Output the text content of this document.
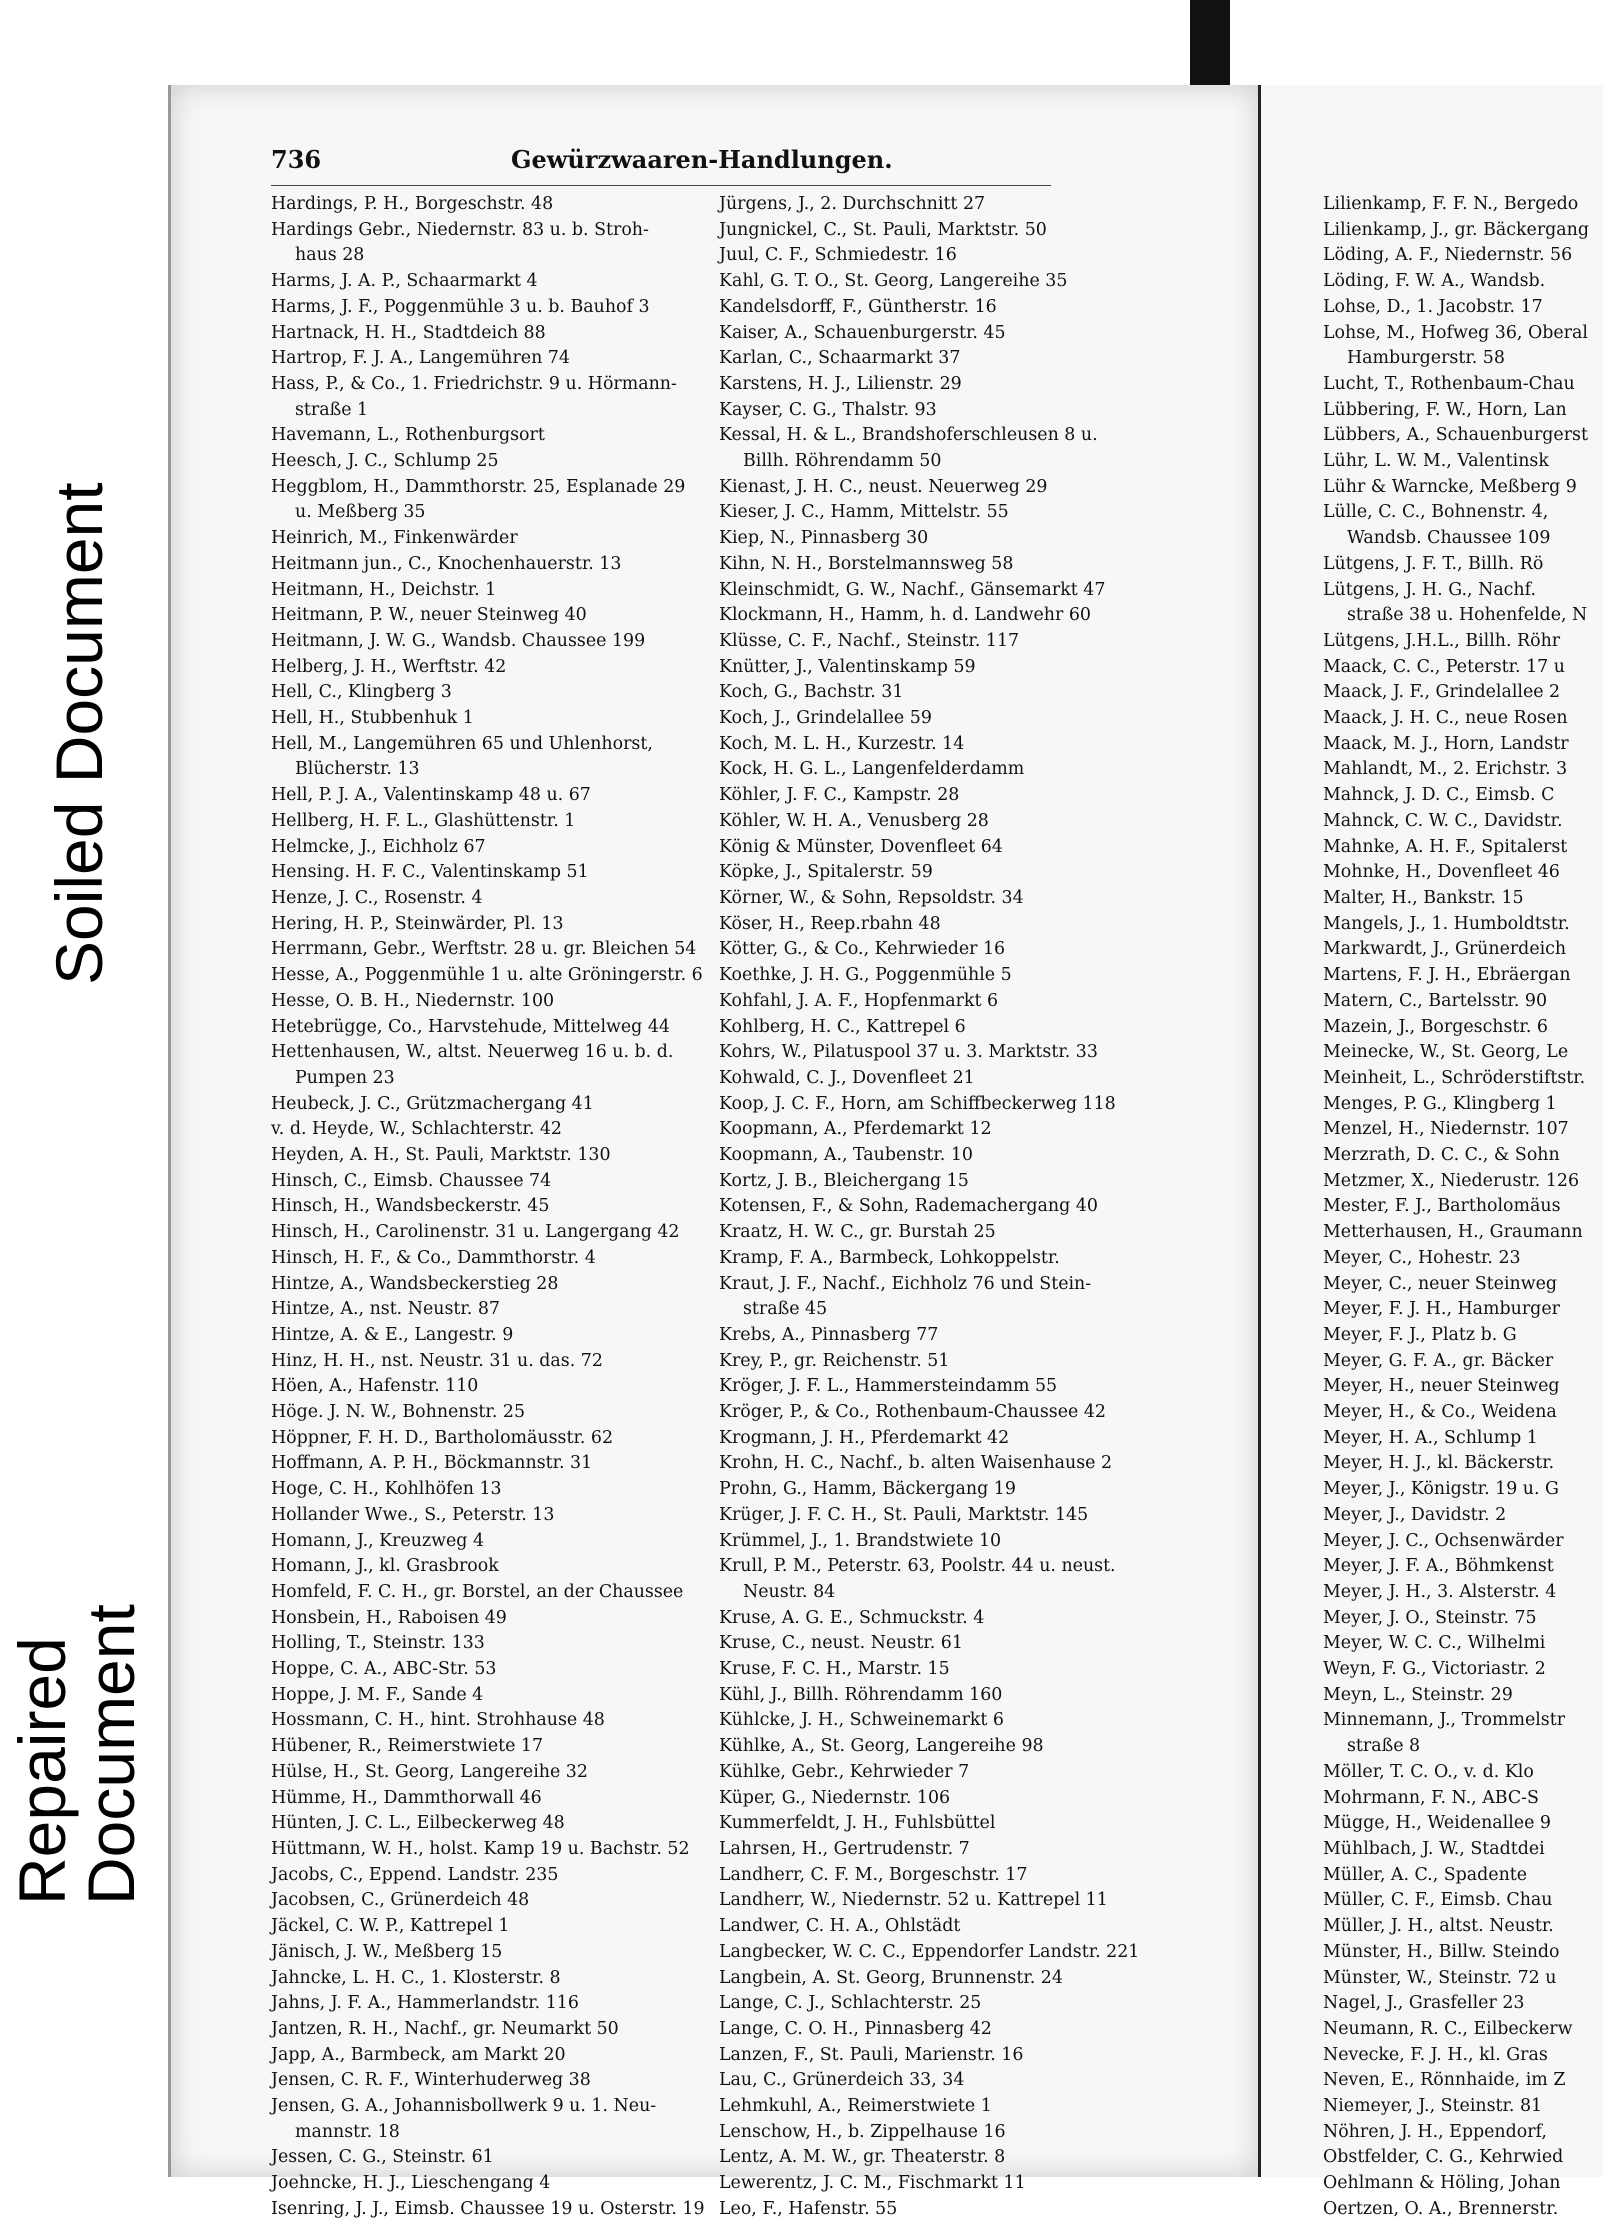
Soiled Document
Repaired
Document
736	Gewürzwaaren-Handlungen.
Hardings, P. H., Borgeschstr. 48
Hardings Gebr., Niedernstr. 83 u. b. Stroh-
haus 28
Harms, J. A. P., Schaarmarkt 4
Harms, J. F., Poggenmühle 3 u. b. Bauhof 3
Hartnack, H. H., Stadtdeich 88
Hartrop, F. J. A., Langemühren 74
Hass, P., & Co., 1. Friedrichstr. 9 u. Hörmann-
straße 1
Havemann, L., Rothenburgsort
Heesch, J. C., Schlump 25
Heggblom, H., Dammthorstr. 25, Esplanade 29
u. Meßberg 35
Heinrich, M., Finkenwärder
Heitmann jun., C., Knochenhauerstr. 13
Heitmann, H., Deichstr. 1
Heitmann, P. W., neuer Steinweg 40
Heitmann, J. W. G., Wandsb. Chaussee 199
Helberg, J. H., Werftstr. 42
Hell, C., Klingberg 3
Hell, H., Stubbenhuk 1
Hell, M., Langemühren 65 und Uhlenhorst,
Blücherstr. 13
Hell, P. J. A., Valentinskamp 48 u. 67
Hellberg, H. F. L., Glashüttenstr. 1
Helmcke, J., Eichholz 67
Hensing. H. F. C., Valentinskamp 51
Henze, J. C., Rosenstr. 4
Hering, H. P., Steinwärder, Pl. 13
Herrmann, Gebr., Werftstr. 28 u. gr. Bleichen 54
Hesse, A., Poggenmühle 1 u. alte Gröningerstr. 6
Hesse, O. B. H., Niedernstr. 100
Hetebrügge, Co., Harvstehude, Mittelweg 44
Hettenhausen, W., altst. Neuerweg 16 u. b. d.
Pumpen 23
Heubeck, J. C., Grützmachergang 41
v. d. Heyde, W., Schlachterstr. 42
Heyden, A. H., St. Pauli, Marktstr. 130
Hinsch, C., Eimsb. Chaussee 74
Hinsch, H., Wandsbeckerstr. 45
Hinsch, H., Carolinenstr. 31 u. Langergang 42
Hinsch, H. F., & Co., Dammthorstr. 4
Hintze, A., Wandsbeckerstieg 28
Hintze, A., nst. Neustr. 87
Hintze, A. & E., Langestr. 9
Hinz, H. H., nst. Neustr. 31 u. das. 72
Höen, A., Hafenstr. 110
Höge. J. N. W., Bohnenstr. 25
Höppner, F. H. D., Bartholomäusstr. 62
Hoffmann, A. P. H., Böckmannstr. 31
Hoge, C. H., Kohlhöfen 13
Hollander Wwe., S., Peterstr. 13
Homann, J., Kreuzweg 4
Homann, J., kl. Grasbrook
Homfeld, F. C. H., gr. Borstel, an der Chaussee
Honsbein, H., Raboisen 49
Holling, T., Steinstr. 133
Hoppe, C. A., ABC-Str. 53
Hoppe, J. M. F., Sande 4
Hossmann, C. H., hint. Strohhause 48
Hübener, R., Reimerstwiete 17
Hülse, H., St. Georg, Langereihe 32
Hümme, H., Dammthorwall 46
Hünten, J. C. L., Eilbeckerweg 48
Hüttmann, W. H., holst. Kamp 19 u. Bachstr. 52
Jacobs, C., Eppend. Landstr. 235
Jacobsen, C., Grünerdeich 48
Jäckel, C. W. P., Kattrepel 1
Jänisch, J. W., Meßberg 15
Jahncke, L. H. C., 1. Klosterstr. 8
Jahns, J. F. A., Hammerlandstr. 116
Jantzen, R. H., Nachf., gr. Neumarkt 50
Japp, A., Barmbeck, am Markt 20
Jensen, C. R. F., Winterhuderweg 38
Jensen, G. A., Johannisbollwerk 9 u. 1. Neu-
mannstr. 18
Jessen, C. G., Steinstr. 61
Joehncke, H. J., Lieschengang 4
Isenring, J. J., Eimsb. Chaussee 19 u. Osterstr. 19
Jürgens, J., 2. Durchschnitt 27
Jungnickel, C., St. Pauli, Marktstr. 50
Juul, C. F., Schmiedestr. 16
Kahl, G. T. O., St. Georg, Langereihe 35
Kandelsdorff, F., Güntherstr. 16
Kaiser, A., Schauenburgerstr. 45
Karlan, C., Schaarmarkt 37
Karstens, H. J., Lilienstr. 29
Kayser, C. G., Thalstr. 93
Kessal, H. & L., Brandshoferschleusen 8 u.
Billh. Röhrendamm 50
Kienast, J. H. C., neust. Neuerweg 29
Kieser, J. C., Hamm, Mittelstr. 55
Kiep, N., Pinnasberg 30
Kihn, N. H., Borstelmannsweg 58
Kleinschmidt, G. W., Nachf., Gänsemarkt 47
Klockmann, H., Hamm, h. d. Landwehr 60
Klüsse, C. F., Nachf., Steinstr. 117
Knütter, J., Valentinskamp 59
Koch, G., Bachstr. 31
Koch, J., Grindelallee 59
Koch, M. L. H., Kurzestr. 14
Kock, H. G. L., Langenfelderdamm
Köhler, J. F. C., Kampstr. 28
Köhler, W. H. A., Venusberg 28
König & Münster, Dovenfleet 64
Köpke, J., Spitalerstr. 59
Körner, W., & Sohn, Repsoldstr. 34
Köser, H., Reep.rbahn 48
Kötter, G., & Co., Kehrwieder 16
Koethke, J. H. G., Poggenmühle 5
Kohfahl, J. A. F., Hopfenmarkt 6
Kohlberg, H. C., Kattrepel 6
Kohrs, W., Pilatuspool 37 u. 3. Marktstr. 33
Kohwald, C. J., Dovenfleet 21
Koop, J. C. F., Horn, am Schiffbeckerweg 118
Koopmann, A., Pferdemarkt 12
Koopmann, A., Taubenstr. 10
Kortz, J. B., Bleichergang 15
Kotensen, F., & Sohn, Rademachergang 40
Kraatz, H. W. C., gr. Burstah 25
Kramp, F. A., Barmbeck, Lohkoppelstr.
Kraut, J. F., Nachf., Eichholz 76 und Stein-
straße 45
Krebs, A., Pinnasberg 77
Krey, P., gr. Reichenstr. 51
Kröger, J. F. L., Hammersteindamm 55
Kröger, P., & Co., Rothenbaum-Chaussee 42
Krogmann, J. H., Pferdemarkt 42
Krohn, H. C., Nachf., b. alten Waisenhause 2
Prohn, G., Hamm, Bäckergang 19
Krüger, J. F. C. H., St. Pauli, Marktstr. 145
Krümmel, J., 1. Brandstwiete 10
Krull, P. M., Peterstr. 63, Poolstr. 44 u. neust.
Neustr. 84
Kruse, A. G. E., Schmuckstr. 4
Kruse, C., neust. Neustr. 61
Kruse, F. C. H., Marstr. 15
Kühl, J., Billh. Röhrendamm 160
Kühlcke, J. H., Schweinemarkt 6
Kühlke, A., St. Georg, Langereihe 98
Kühlke, Gebr., Kehrwieder 7
Küper, G., Niedernstr. 106
Kummerfeldt, J. H., Fuhlsbüttel
Lahrsen, H., Gertrudenstr. 7
Landherr, C. F. M., Borgeschstr. 17
Landherr, W., Niedernstr. 52 u. Kattrepel 11
Landwer, C. H. A., Ohlstädt
Langbecker, W. C. C., Eppendorfer Landstr. 221
Langbein, A. St. Georg, Brunnenstr. 24
Lange, C. J., Schlachterstr. 25
Lange, C. O. H., Pinnasberg 42
Lanzen, F., St. Pauli, Marienstr. 16
Lau, C., Grünerdeich 33, 34
Lehmkuhl, A., Reimerstwiete 1
Lenschow, H., b. Zippelhause 16
Lentz, A. M. W., gr. Theaterstr. 8
Lewerentz, J. C. M., Fischmarkt 11
Leo, F., Hafenstr. 55
Lilienkamp, F. F. N., Bergedo
Lilienkamp, J., gr. Bäckergang
Löding, A. F., Niedernstr. 56
Löding, F. W. A., Wandsb.
Lohse, D., 1. Jacobstr. 17
Lohse, M., Hofweg 36, Oberal
Hamburgerstr. 58
Lucht, T., Rothenbaum-Chau
Lübbering, F. W., Horn, Lan
Lübbers, A., Schauenburgerst
Lühr, L. W. M., Valentinsk
Lühr & Warncke, Meßberg 9
Lülle, C. C., Bohnenstr. 4,
Wandsb. Chaussee 109
Lütgens, J. F. T., Billh. Rö
Lütgens, J. H. G., Nachf.
straße 38 u. Hohenfelde, N
Lütgens, J.H.L., Billh. Röhr
Maack, C. C., Peterstr. 17 u
Maack, J. F., Grindelallee 2
Maack, J. H. C., neue Rosen
Maack, M. J., Horn, Landstr
Mahlandt, M., 2. Erichstr. 3
Mahnck, J. D. C., Eimsb. C
Mahnck, C. W. C., Davidstr.
Mahnke, A. H. F., Spitalerst
Mohnke, H., Dovenfleet 46
Malter, H., Bankstr. 15
Mangels, J., 1. Humboldtstr.
Markwardt, J., Grünerdeich
Martens, F. J. H., Ebräergan
Matern, C., Bartelsstr. 90
Mazein, J., Borgeschstr. 6
Meinecke, W., St. Georg, Le
Meinheit, L., Schröderstiftstr.
Menges, P. G., Klingberg 1
Menzel, H., Niedernstr. 107
Merzrath, D. C. C., & Sohn
Metzmer, X., Niederustr. 126
Mester, F. J., Bartholomäus
Metterhausen, H., Graumann
Meyer, C., Hohestr. 23
Meyer, C., neuer Steinweg
Meyer, F. J. H., Hamburger
Meyer, F. J., Platz b. G
Meyer, G. F. A., gr. Bäcker
Meyer, H., neuer Steinweg
Meyer, H., & Co., Weidena
Meyer, H. A., Schlump 1
Meyer, H. J., kl. Bäckerstr.
Meyer, J., Königstr. 19 u. G
Meyer, J., Davidstr. 2
Meyer, J. C., Ochsenwärder
Meyer, J. F. A., Böhmkenst
Meyer, J. H., 3. Alsterstr. 4
Meyer, J. O., Steinstr. 75
Meyer, W. C. C., Wilhelmi
Weyn, F. G., Victoriastr. 2
Meyn, L., Steinstr. 29
Minnemann, J., Trommelstr
straße 8
Möller, T. C. O., v. d. Klo
Mohrmann, F. N., ABC-S
Mügge, H., Weidenallee 9
Mühlbach, J. W., Stadtdei
Müller, A. C., Spadente
Müller, C. F., Eimsb. Chau
Müller, J. H., altst. Neustr.
Münster, H., Billw. Steindo
Münster, W., Steinstr. 72 u
Nagel, J., Grasfeller 23
Neumann, R. C., Eilbeckerw
Nevecke, F. J. H., kl. Gras
Neven, E., Rönnhaide, im Z
Niemeyer, J., Steinstr. 81
Nöhren, J. H., Eppendorf,
Obstfelder, C. G., Kehrwied
Oehlmann & Höling, Johan
Oertzen, O. A., Brennerstr.
